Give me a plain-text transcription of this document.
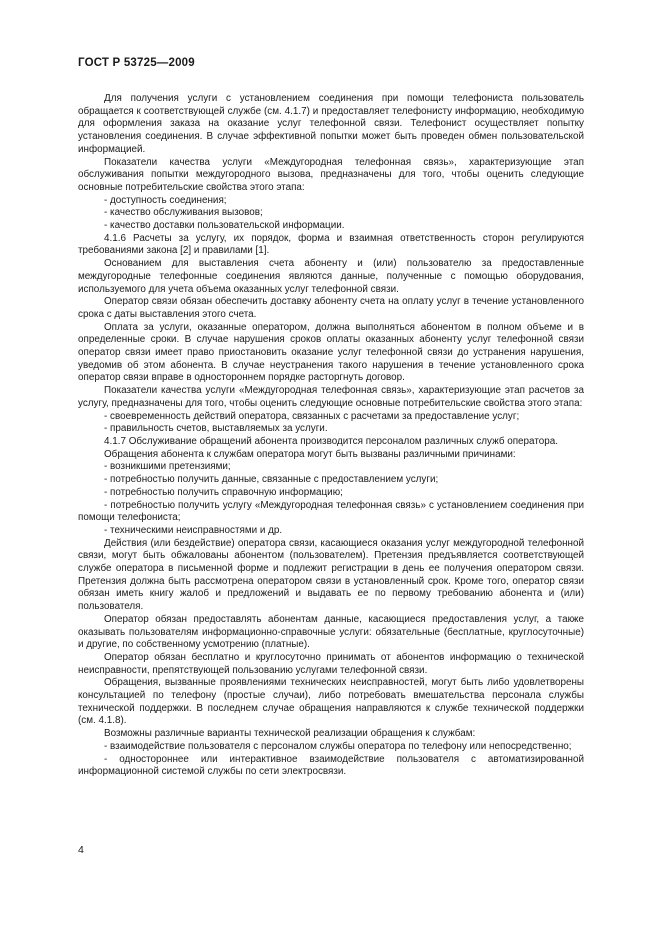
ГОСТ Р 53725—2009

Для получения услуги с установлением соединения при помощи телефониста пользователь обращается к соответствующей службе (см. 4.1.7) и предоставляет телефонисту информацию, необходимую для оформления заказа на оказание услуг телефонной связи. Телефонист осуществляет попытку установления соединения. В случае эффективной попытки может быть проведен обмен пользовательской информацией.

Показатели качества услуги «Междугородная телефонная связь», характеризующие этап обслуживания попытки междугородного вызова, предназначены для того, чтобы оценить следующие основные потребительские свойства этого этапа:

- доступность соединения;

- качество обслуживания вызовов;

- качество доставки пользовательской информации.

4.1.6 Расчеты за услугу, их порядок, форма и взаимная ответственность сторон регулируются требованиями закона [2] и правилами [1].

Основанием для выставления счета абоненту и (или) пользователю за предоставленные междугородные телефонные соединения являются данные, полученные с помощью оборудования, используемого для учета объема оказанных услуг телефонной связи.

Оператор связи обязан обеспечить доставку абоненту счета на оплату услуг в течение установленного срока с даты выставления этого счета.

Оплата за услуги, оказанные оператором, должна выполняться абонентом в полном объеме и в определенные сроки. В случае нарушения сроков оплаты оказанных абоненту услуг телефонной связи оператор связи имеет право приостановить оказание услуг телефонной связи до устранения нарушения, уведомив об этом абонента. В случае неустранения такого нарушения в течение установленного срока оператор связи вправе в одностороннем порядке расторгнуть договор.

Показатели качества услуги «Междугородная телефонная связь», характеризующие этап расчетов за услугу, предназначены для того, чтобы оценить следующие основные потребительские свойства этого этапа:

- своевременность действий оператора, связанных с расчетами за предоставление услуг;

- правильность счетов, выставляемых за услуги.

4.1.7 Обслуживание обращений абонента производится персоналом различных служб оператора.

Обращения абонента к службам оператора могут быть вызваны различными причинами:

- возникшими претензиями;

- потребностью получить данные, связанные с предоставлением услуги;

- потребностью получить справочную информацию;

- потребностью получить услугу «Междугородная телефонная связь» с установлением соединения при помощи телефониста;

- техническими неисправностями и др.

Действия (или бездействие) оператора связи, касающиеся оказания услуг междугородной телефонной связи, могут быть обжалованы абонентом (пользователем). Претензия предъявляется соответствующей службе оператора в письменной форме и подлежит регистрации в день ее получения оператором связи. Претензия должна быть рассмотрена оператором связи в установленный срок. Кроме того, оператор связи обязан иметь книгу жалоб и предложений и выдавать ее по первому требованию абонента и (или) пользователя.

Оператор обязан предоставлять абонентам данные, касающиеся предоставления услуг, а также оказывать пользователям информационно-справочные услуги: обязательные (бесплатные, круглосуточные) и другие, по собственному усмотрению (платные).

Оператор обязан бесплатно и круглосуточно принимать от абонентов информацию о технической неисправности, препятствующей пользованию услугами телефонной связи.

Обращения, вызванные проявлениями технических неисправностей, могут быть либо удовлетворены консультацией по телефону (простые случаи), либо потребовать вмешательства персонала службы технической поддержки. В последнем случае обращения направляются к службе технической поддержки (см. 4.1.8).

Возможны различные варианты технической реализации обращения к службам:

- взаимодействие пользователя с персоналом службы оператора по телефону или непосредственно;

- одностороннее или интерактивное взаимодействие пользователя с автоматизированной информационной системой службы по сети электросвязи.

4
